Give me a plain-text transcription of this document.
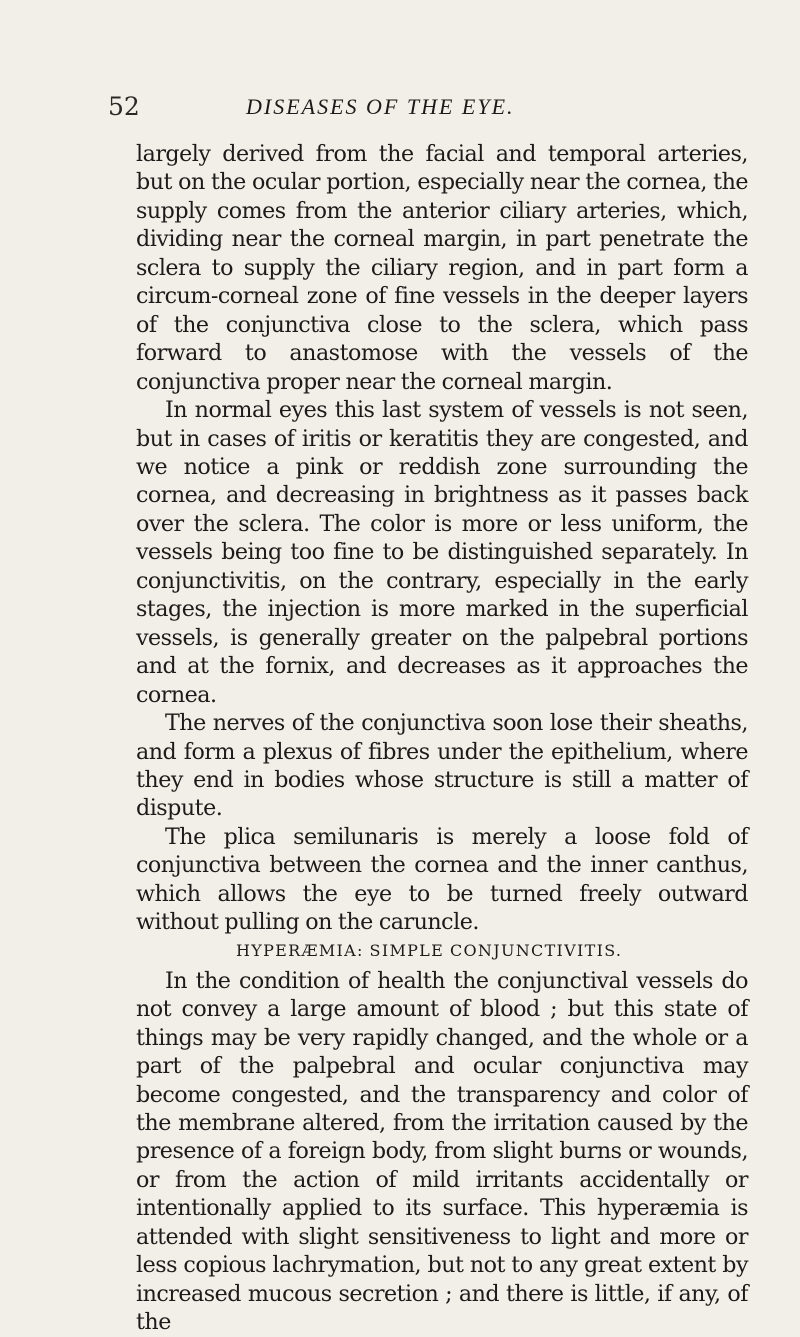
52	DISEASES OF THE EYE.

largely derived from the facial and temporal arteries, but on the ocular portion, especially near the cornea, the supply comes from the anterior ciliary arteries, which, dividing near the corneal margin, in part penetrate the sclera to supply the ciliary region, and in part form a circum-corneal zone of fine vessels in the deeper layers of the conjunctiva close to the sclera, which pass forward to anastomose with the vessels of the conjunctiva proper near the corneal margin.

In normal eyes this last system of vessels is not seen, but in cases of iritis or keratitis they are congested, and we notice a pink or reddish zone surrounding the cornea, and decreasing in brightness as it passes back over the sclera. The color is more or less uniform, the vessels being too fine to be distinguished separately. In conjunctivitis, on the contrary, especially in the early stages, the injection is more marked in the superficial vessels, is generally greater on the palpebral portions and at the fornix, and decreases as it approaches the cornea.

The nerves of the conjunctiva soon lose their sheaths, and form a plexus of fibres under the epithelium, where they end in bodies whose structure is still a matter of dispute.

The plica semilunaris is merely a loose fold of conjunctiva between the cornea and the inner canthus, which allows the eye to be turned freely outward without pulling on the caruncle.

HYPERÆMIA: SIMPLE CONJUNCTIVITIS.

In the condition of health the conjunctival vessels do not convey a large amount of blood ; but this state of things may be very rapidly changed, and the whole or a part of the palpebral and ocular conjunctiva may become congested, and the transparency and color of the membrane altered, from the irritation caused by the presence of a foreign body, from slight burns or wounds, or from the action of mild irritants accidentally or intentionally applied to its surface. This hyperæmia is attended with slight sensitiveness to light and more or less copious lachrymation, but not to any great extent by increased mucous secretion ; and there is little, if any, of the
